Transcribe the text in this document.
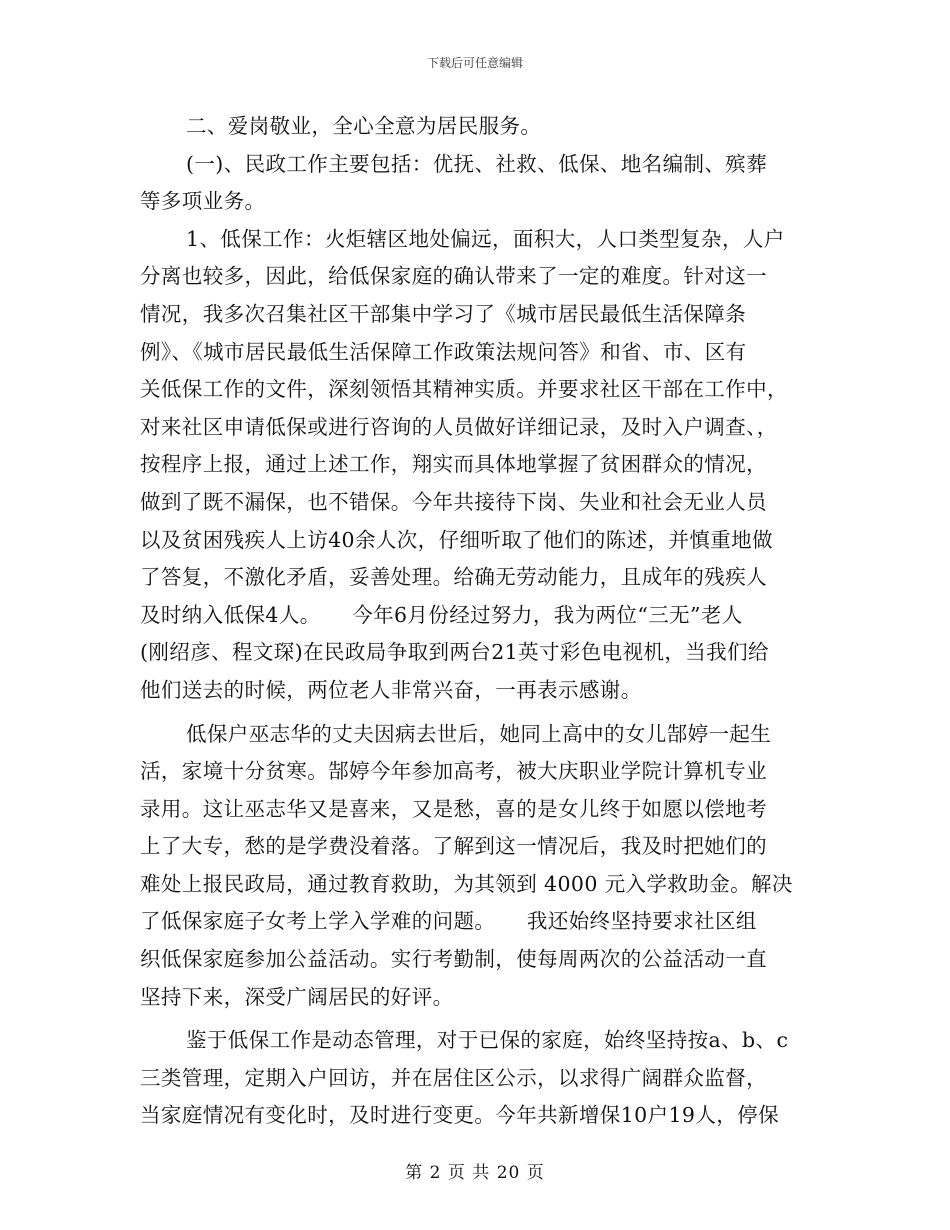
下载后可任意编辑
二、爱岗敬业，全心全意为居民服务。
(一)、民政工作主要包括：优抚、社救、低保、地名编制、殡葬
等多项业务。
1、低保工作：火炬辖区地处偏远，面积大，人口类型复杂，人户
分离也较多，因此，给低保家庭的确认带来了一定的难度。针对这一
情况，我多次召集社区干部集中学习了《城市居民最低生活保障条
例》、《城市居民最低生活保障工作政策法规问答》和省、市、区有
关低保工作的文件，深刻领悟其精神实质。并要求社区干部在工作中，
对来社区申请低保或进行咨询的人员做好详细记录，及时入户调查、，
按程序上报，通过上述工作，翔实而具体地掌握了贫困群众的情况，
做到了既不漏保，也不错保。今年共接待下岗、失业和社会无业人员
以及贫困残疾人上访40余人次，仔细听取了他们的陈述，并慎重地做
了答复，不激化矛盾，妥善处理。给确无劳动能力，且成年的残疾人
及时纳入低保4人。　　今年6月份经过努力，我为两位“三无”老人
(刚绍彦、程文琛)在民政局争取到两台21英寸彩色电视机，当我们给
他们送去的时候，两位老人非常兴奋，一再表示感谢。
低保户巫志华的丈夫因病去世后，她同上高中的女儿郜婷一起生
活，家境十分贫寒。郜婷今年参加高考，被大庆职业学院计算机专业
录用。这让巫志华又是喜来，又是愁，喜的是女儿终于如愿以偿地考
上了大专，愁的是学费没着落。了解到这一情况后，我及时把她们的
难处上报民政局，通过教育救助，为其领到 4000 元入学救助金。解决
了低保家庭子女考上学入学难的问题。　　我还始终坚持要求社区组
织低保家庭参加公益活动。实行考勤制，使每周两次的公益活动一直
坚持下来，深受广阔居民的好评。
鉴于低保工作是动态管理，对于已保的家庭，始终坚持按a、b、c
三类管理，定期入户回访，并在居住区公示，以求得广阔群众监督，
当家庭情况有变化时，及时进行变更。今年共新增保10户19人，停保
第 2 页 共 20 页
